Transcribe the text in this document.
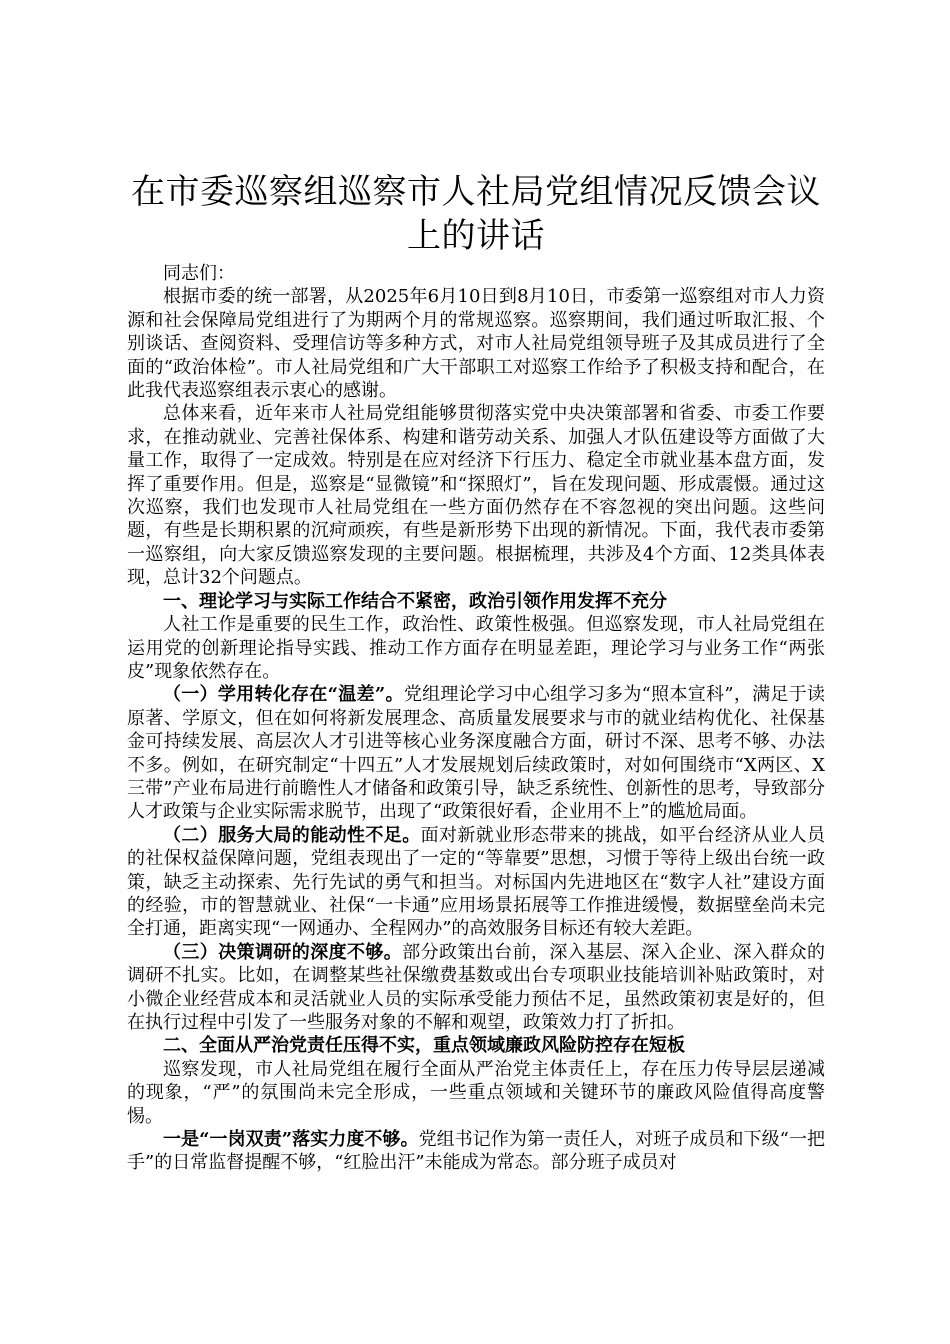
在市委巡察组巡察市人社局党组情况反馈会议上的讲话

同志们：

根据市委的统一部署，从2025年6月10日到8月10日，市委第一巡察组对市人力资源和社会保障局党组进行了为期两个月的常规巡察。巡察期间，我们通过听取汇报、个别谈话、查阅资料、受理信访等多种方式，对市人社局党组领导班子及其成员进行了全面的“政治体检”。市人社局党组和广大干部职工对巡察工作给予了积极支持和配合，在此我代表巡察组表示衷心的感谢。

总体来看，近年来市人社局党组能够贯彻落实党中央决策部署和省委、市委工作要求，在推动就业、完善社保体系、构建和谐劳动关系、加强人才队伍建设等方面做了大量工作，取得了一定成效。特别是在应对经济下行压力、稳定全市就业基本盘方面，发挥了重要作用。但是，巡察是“显微镜”和“探照灯”，旨在发现问题、形成震慑。通过这次巡察，我们也发现市人社局党组在一些方面仍然存在不容忽视的突出问题。这些问题，有些是长期积累的沉疴顽疾，有些是新形势下出现的新情况。下面，我代表市委第一巡察组，向大家反馈巡察发现的主要问题。根据梳理，共涉及4个方面、12类具体表现，总计32个问题点。

一、理论学习与实际工作结合不紧密，政治引领作用发挥不充分

人社工作是重要的民生工作，政治性、政策性极强。但巡察发现，市人社局党组在运用党的创新理论指导实践、推动工作方面存在明显差距，理论学习与业务工作“两张皮”现象依然存在。

（一）学用转化存在“温差”。党组理论学习中心组学习多为“照本宣科”，满足于读原著、学原文，但在如何将新发展理念、高质量发展要求与市的就业结构优化、社保基金可持续发展、高层次人才引进等核心业务深度融合方面，研讨不深、思考不够、办法不多。例如，在研究制定“十四五”人才发展规划后续政策时，对如何围绕市“X两区、X三带”产业布局进行前瞻性人才储备和政策引导，缺乏系统性、创新性的思考，导致部分人才政策与企业实际需求脱节，出现了“政策很好看，企业用不上”的尴尬局面。

（二）服务大局的能动性不足。面对新就业形态带来的挑战，如平台经济从业人员的社保权益保障问题，党组表现出了一定的“等靠要”思想，习惯于等待上级出台统一政策，缺乏主动探索、先行先试的勇气和担当。对标国内先进地区在“数字人社”建设方面的经验，市的智慧就业、社保“一卡通”应用场景拓展等工作推进缓慢，数据壁垒尚未完全打通，距离实现“一网通办、全程网办”的高效服务目标还有较大差距。

（三）决策调研的深度不够。部分政策出台前，深入基层、深入企业、深入群众的调研不扎实。比如，在调整某些社保缴费基数或出台专项职业技能培训补贴政策时，对小微企业经营成本和灵活就业人员的实际承受能力预估不足，虽然政策初衷是好的，但在执行过程中引发了一些服务对象的不解和观望，政策效力打了折扣。

二、全面从严治党责任压得不实，重点领域廉政风险防控存在短板

巡察发现，市人社局党组在履行全面从严治党主体责任上，存在压力传导层层递减的现象，“严”的氛围尚未完全形成，一些重点领域和关键环节的廉政风险值得高度警惕。

一是“一岗双责”落实力度不够。党组书记作为第一责任人，对班子成员和下级“一把手”的日常监督提醒不够，“红脸出汗”未能成为常态。部分班子成员对
